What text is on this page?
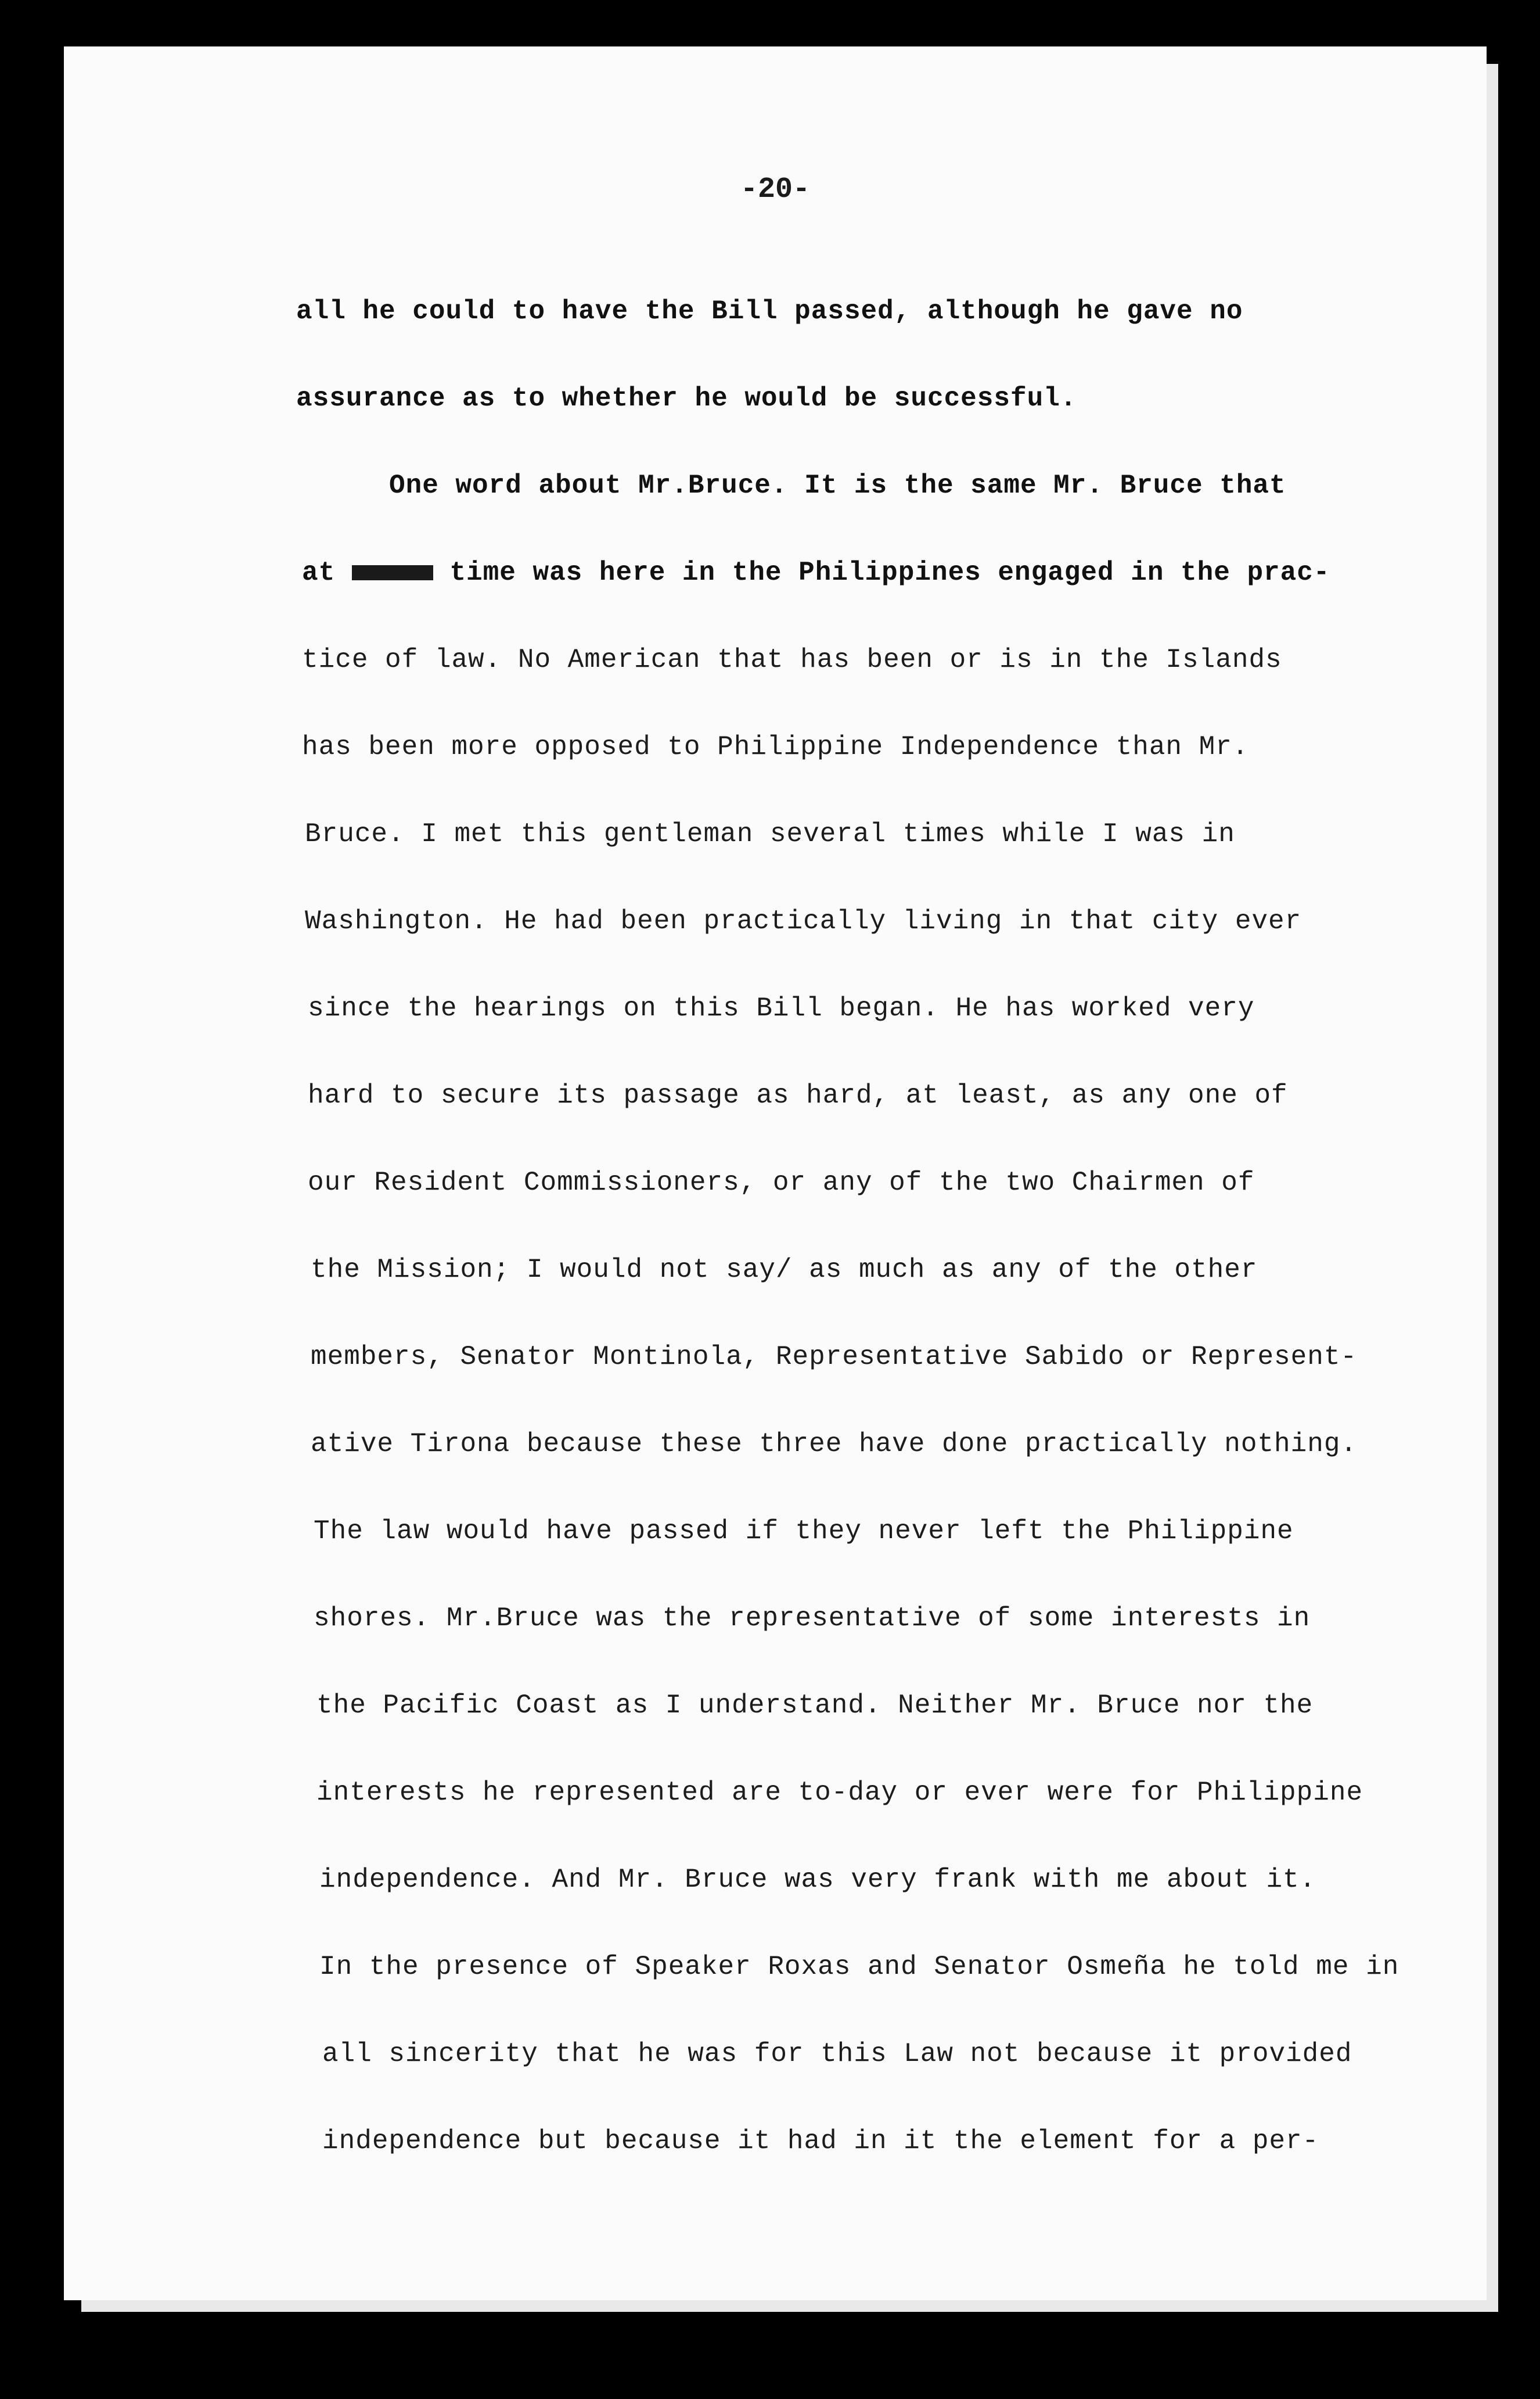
-20-
all he could to have the Bill passed, although he gave no
assurance as to whether he would be successful.
One word about Mr.Bruce. It is the same Mr. Bruce that
at	time was here in the Philippines engaged in the prac-
tice of law. No American that has been or is in the Islands
has been more opposed to Philippine Independence than Mr.
Bruce. I met this gentleman several times while I was in
Washington. He had been practically living in that city ever
since the hearings on this Bill began. He has worked very
hard to secure its passage as hard, at least, as any one of
our Resident Commissioners, or any of the two Chairmen of
the Mission; I would not say/ as much as any of the other
members, Senator Montinola, Representative Sabido or Represent-
ative Tirona because these three have done practically nothing.
The law would have passed if they never left the Philippine
shores. Mr.Bruce was the representative of some interests in
the Pacific Coast as I understand. Neither Mr. Bruce nor the
interests he represented are to-day or ever were for Philippine
independence. And Mr. Bruce was very frank with me about it.
In the presence of Speaker Roxas and Senator Osmeña he told me in
all sincerity that he was for this Law not because it provided
independence but because it had in it the element for a per-
